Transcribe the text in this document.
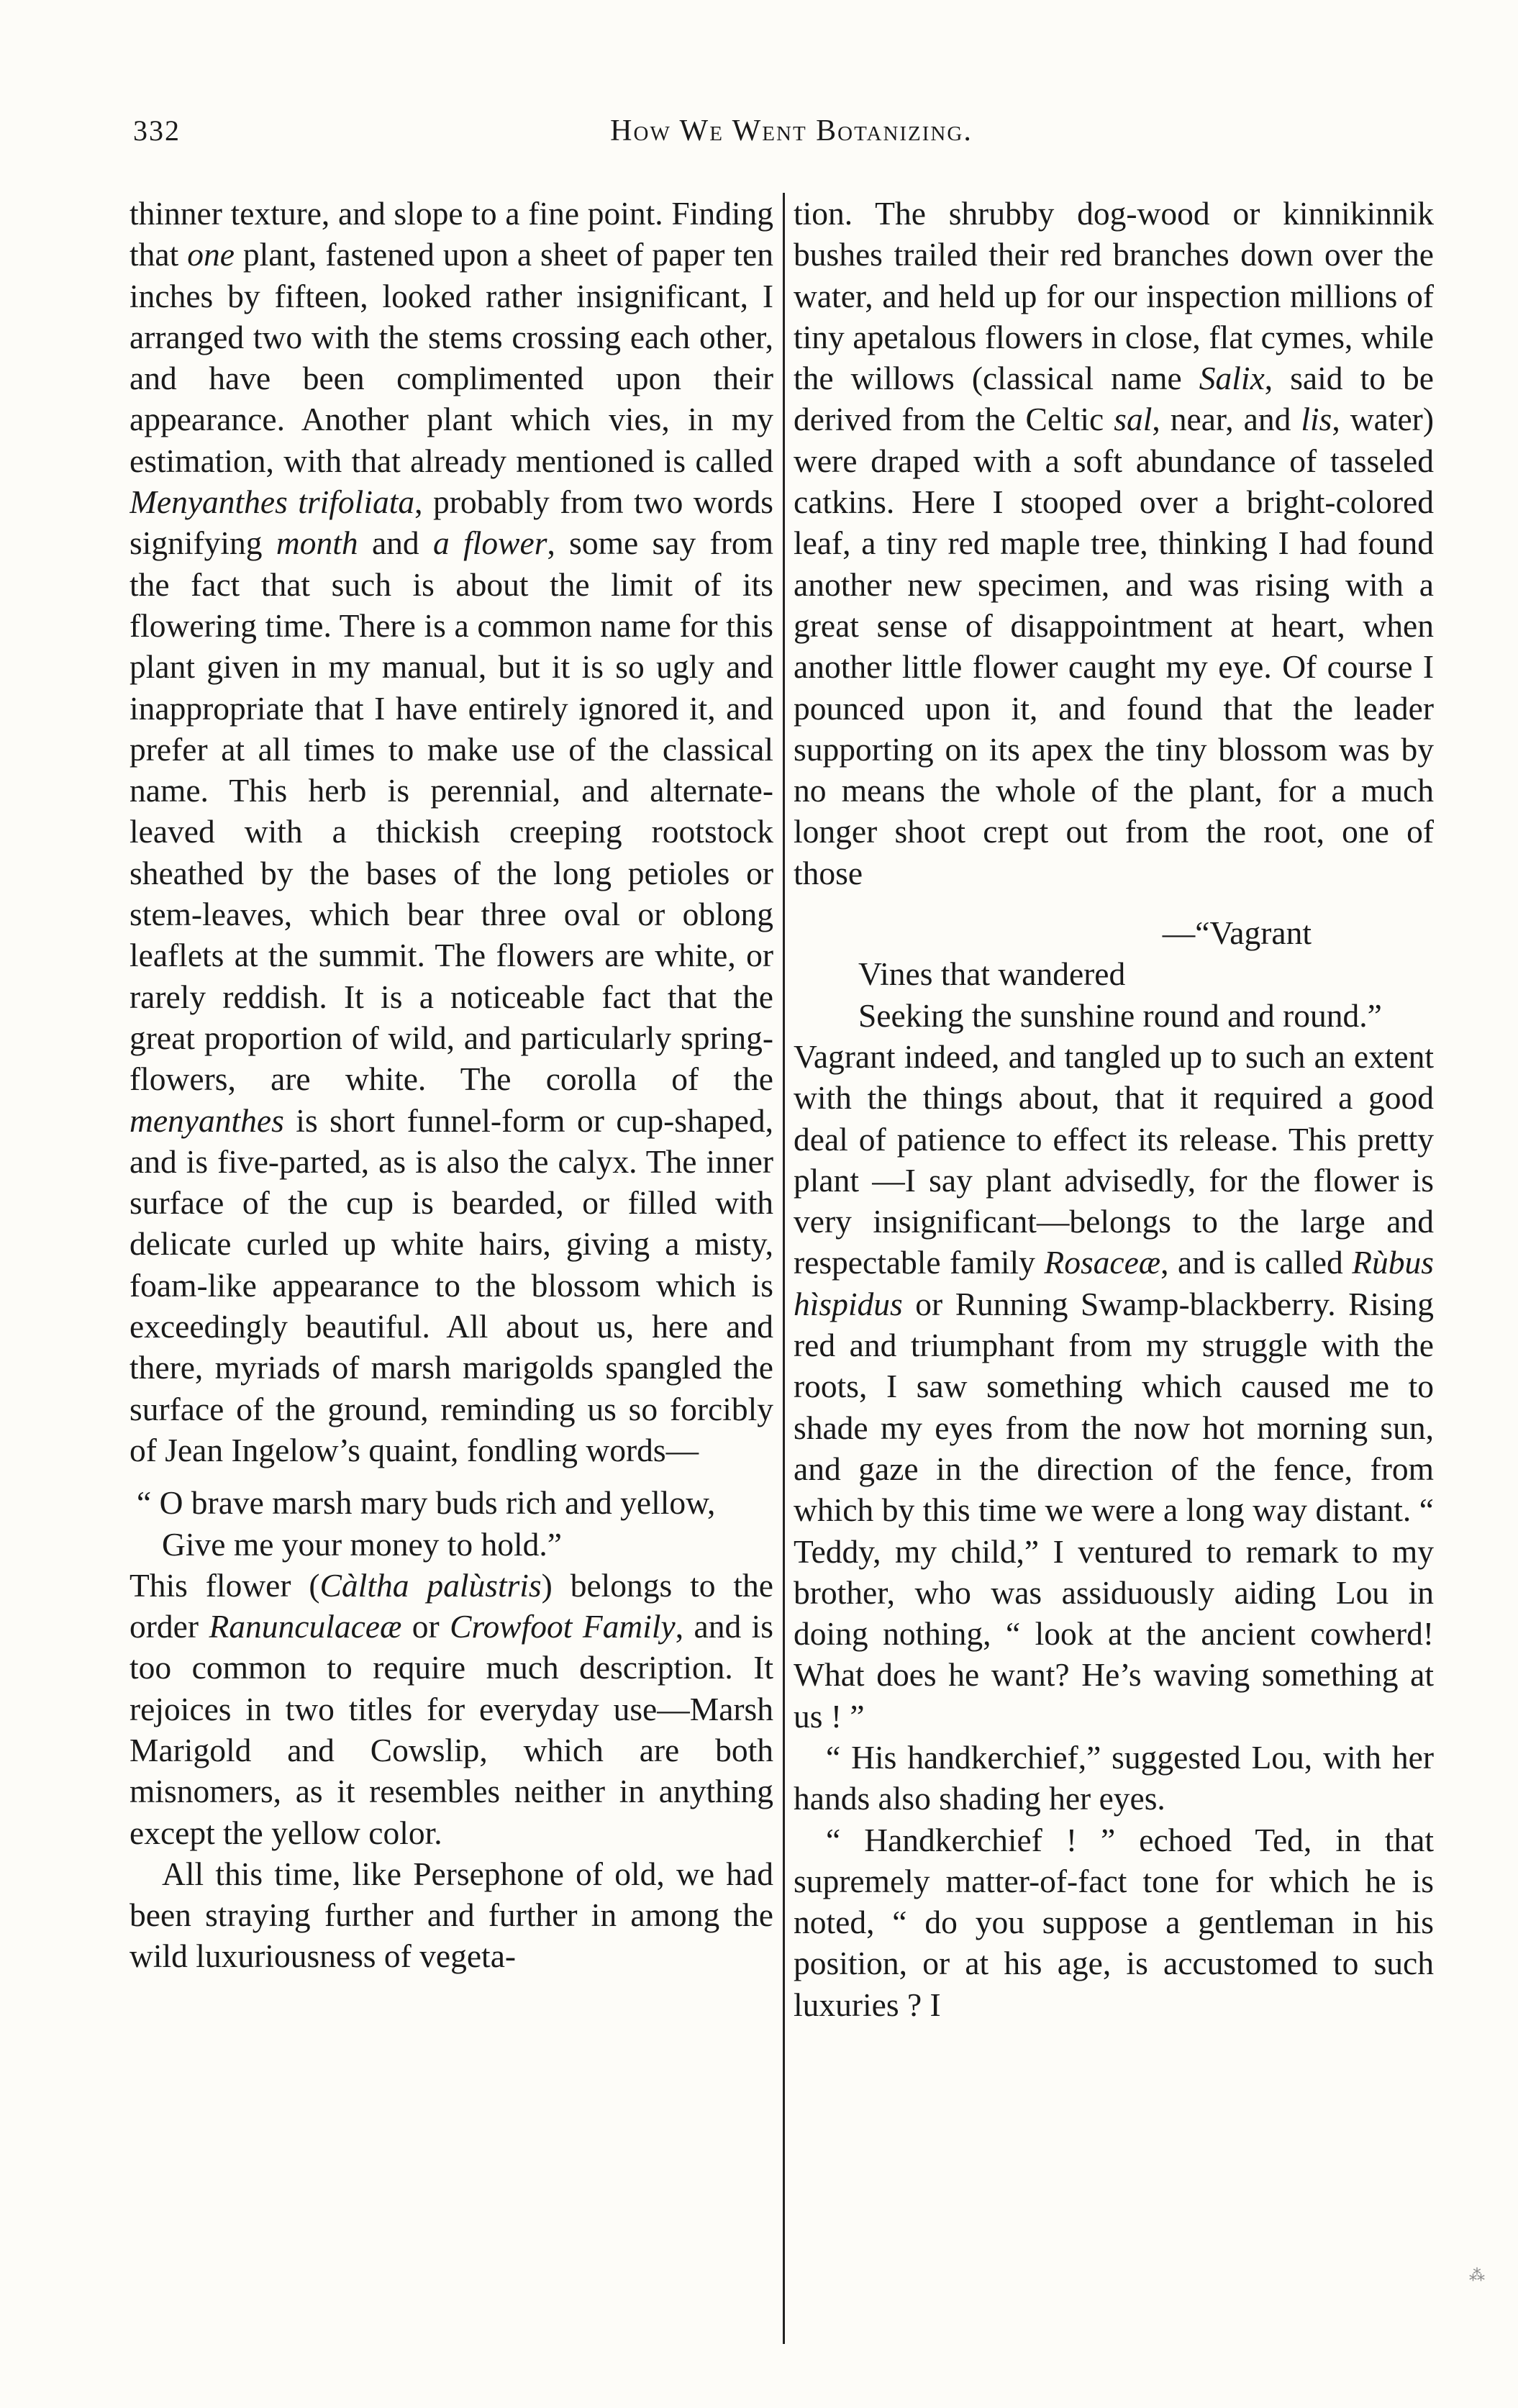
332	How We Went Botanizing.

thinner texture, and slope to a fine point. Finding that one plant, fastened upon a sheet of paper ten inches by fifteen, looked rather insignificant, I arranged two with the stems crossing each other, and have been complimented upon their appearance. Another plant which vies, in my estimation, with that already mentioned is called Menyanthes trifoliata, probably from two words signifying month and a flower, some say from the fact that such is about the limit of its flowering time. There is a common name for this plant given in my manual, but it is so ugly and inappropriate that I have entirely ignored it, and prefer at all times to make use of the classical name. This herb is perennial, and alternate-leaved with a thickish creeping rootstock sheathed by the bases of the long petioles or stem-leaves, which bear three oval or oblong leaflets at the summit. The flowers are white, or rarely reddish. It is a noticeable fact that the great proportion of wild, and particularly spring-flowers, are white. The corolla of the menyanthes is short funnel-form or cup-shaped, and is five-parted, as is also the calyx. The inner surface of the cup is bearded, or filled with delicate curled up white hairs, giving a misty, foam-like appearance to the blossom which is exceedingly beautiful. All about us, here and there, myriads of marsh marigolds spangled the surface of the ground, reminding us so forcibly of Jean Ingelow’s quaint, fondling words—

“ O brave marsh mary buds rich and yellow,
Give me your money to hold.”

This flower (Càltha palùstris) belongs to the order Ranunculaceæ or Crowfoot Family, and is too common to require much description. It rejoices in two titles for everyday use—Marsh Marigold and Cowslip, which are both misnomers, as it resembles neither in anything except the yellow color.

All this time, like Persephone of old, we had been straying further and further in among the wild luxuriousness of vegeta-

tion. The shrubby dog-wood or kinnikinnik bushes trailed their red branches down over the water, and held up for our inspection millions of tiny apetalous flowers in close, flat cymes, while the willows (classical name Salix, said to be derived from the Celtic sal, near, and lis, water) were draped with a soft abundance of tasseled catkins. Here I stooped over a bright-colored leaf, a tiny red maple tree, thinking I had found another new specimen, and was rising with a great sense of disappointment at heart, when another little flower caught my eye. Of course I pounced upon it, and found that the leader supporting on its apex the tiny blossom was by no means the whole of the plant, for a much longer shoot crept out from the root, one of those

—“Vagrant
Vines that wandered
Seeking the sunshine round and round.”

Vagrant indeed, and tangled up to such an extent with the things about, that it required a good deal of patience to effect its release. This pretty plant —I say plant advisedly, for the flower is very insignificant—belongs to the large and respectable family Rosaceæ, and is called Rùbus hìspidus or Running Swamp-blackberry. Rising red and triumphant from my struggle with the roots, I saw something which caused me to shade my eyes from the now hot morning sun, and gaze in the direction of the fence, from which by this time we were a long way distant. “ Teddy, my child,” I ventured to remark to my brother, who was assiduously aiding Lou in doing nothing, “ look at the ancient cowherd! What does he want? He’s waving something at us ! ”

“ His handkerchief,” suggested Lou, with her hands also shading her eyes.

“ Handkerchief ! ” echoed Ted, in that supremely matter-of-fact tone for which he is noted, “ do you suppose a gentleman in his position, or at his age, is accustomed to such luxuries ? I

⁂
